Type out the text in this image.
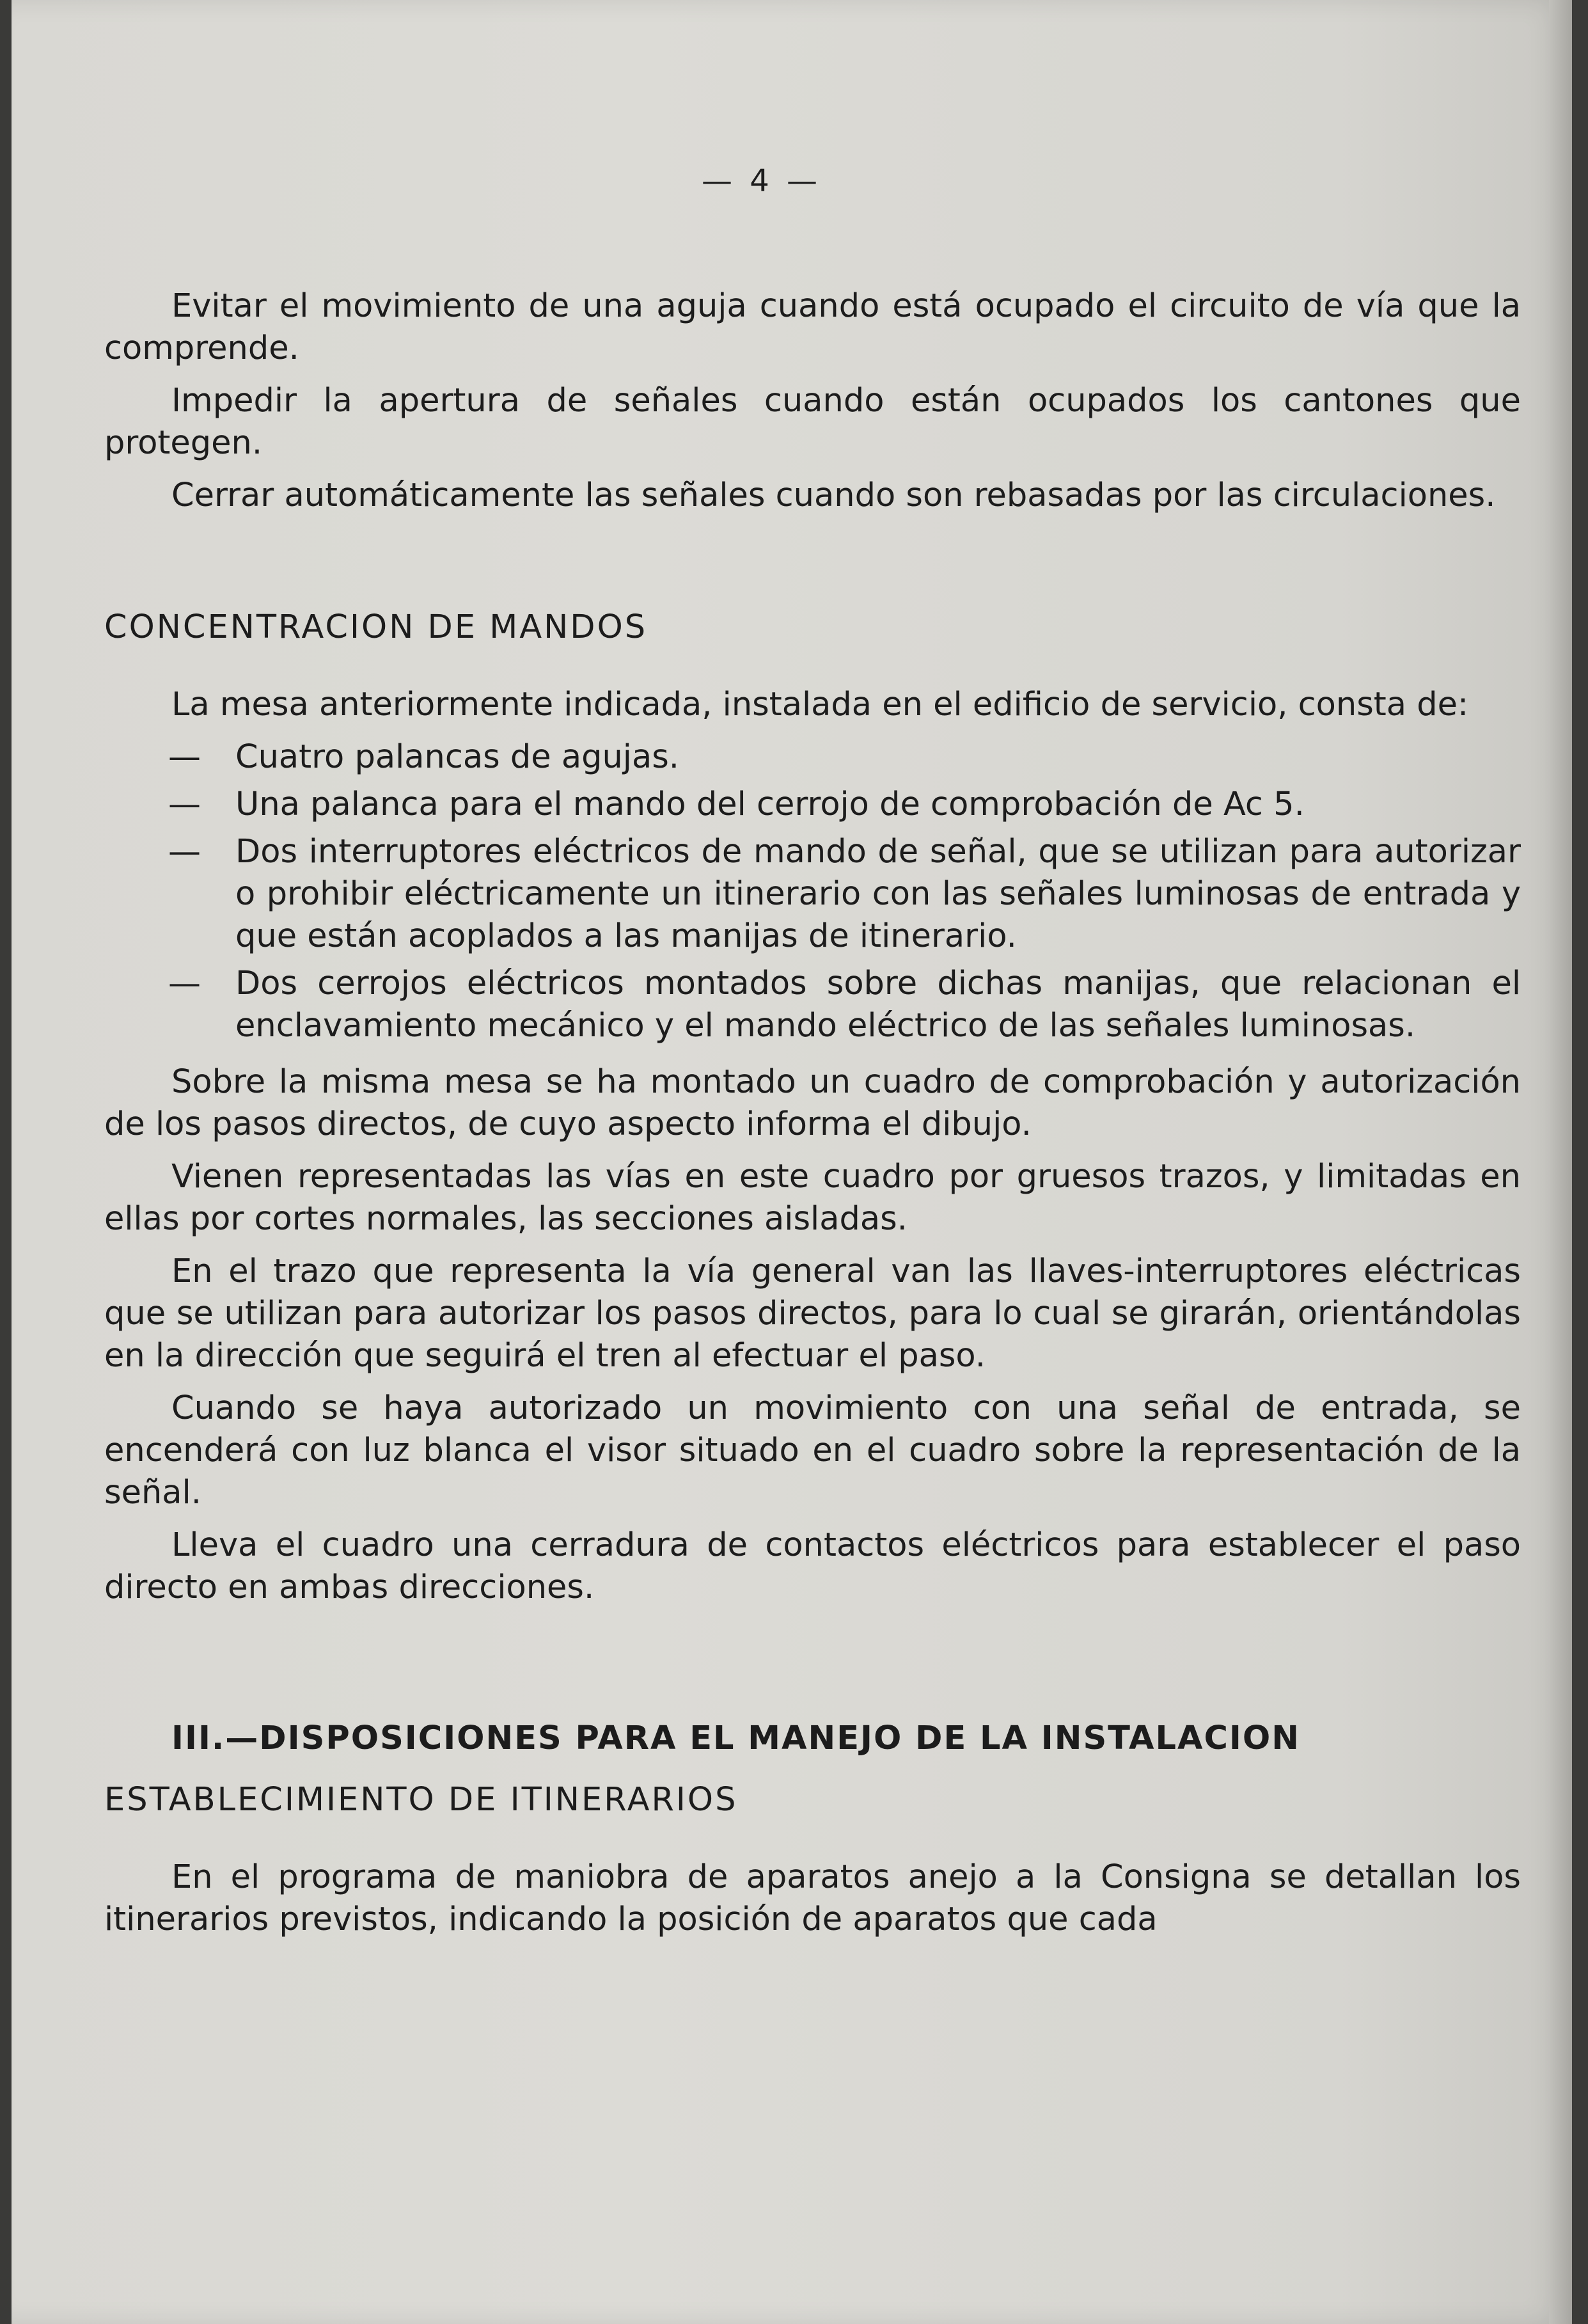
— 4 —

Evitar el movimiento de una aguja cuando está ocupado el circuito de vía que la comprende.

Impedir la apertura de señales cuando están ocupados los cantones que protegen.

Cerrar automáticamente las señales cuando son rebasadas por las circulaciones.

CONCENTRACION DE MANDOS

La mesa anteriormente indicada, instalada en el edificio de servicio, consta de:

— Cuatro palancas de agujas.
— Una palanca para el mando del cerrojo de comprobación de Ac 5.
— Dos interruptores eléctricos de mando de señal, que se utilizan para autorizar o prohibir eléctricamente un itinerario con las señales luminosas de entrada y que están acoplados a las manijas de itinerario.
— Dos cerrojos eléctricos montados sobre dichas manijas, que relacionan el enclavamiento mecánico y el mando eléctrico de las señales luminosas.

Sobre la misma mesa se ha montado un cuadro de comprobación y autorización de los pasos directos, de cuyo aspecto informa el dibujo.

Vienen representadas las vías en este cuadro por gruesos trazos, y limitadas en ellas por cortes normales, las secciones aisladas.

En el trazo que representa la vía general van las llaves-interruptores eléctricas que se utilizan para autorizar los pasos directos, para lo cual se girarán, orientándolas en la dirección que seguirá el tren al efectuar el paso.

Cuando se haya autorizado un movimiento con una señal de entrada, se encenderá con luz blanca el visor situado en el cuadro sobre la representación de la señal.

Lleva el cuadro una cerradura de contactos eléctricos para establecer el paso directo en ambas direcciones.

III.—DISPOSICIONES PARA EL MANEJO DE LA INSTALACION
ESTABLECIMIENTO DE ITINERARIOS

En el programa de maniobra de aparatos anejo a la Consigna se detallan los itinerarios previstos, indicando la posición de aparatos que cada
